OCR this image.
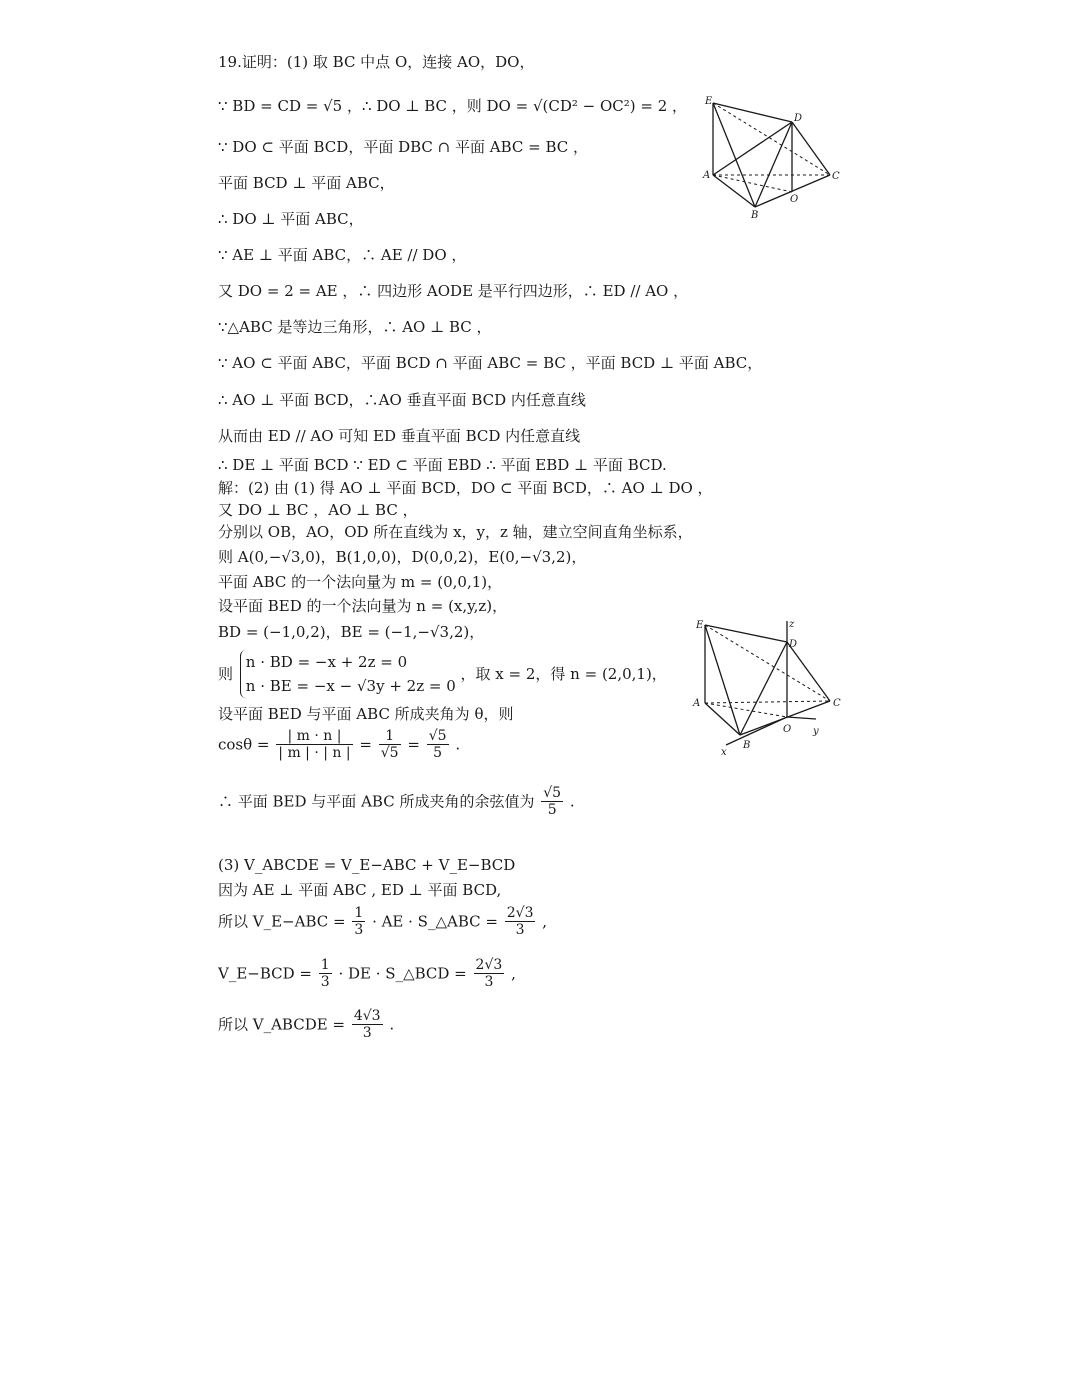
19.证明：(1) 取 BC 中点 O，连接 AO，DO，
∵ BD = CD = √5 ，∴ DO ⊥ BC ，则 DO = √(CD² − OC²) = 2 ，
∵ DO ⊂ 平面 BCD，平面 DBC ∩ 平面 ABC = BC ，
平面 BCD ⊥ 平面 ABC，
∴ DO ⊥ 平面 ABC，
∵ AE ⊥ 平面 ABC，∴ AE // DO ，
又 DO = 2 = AE ，∴ 四边形 AODE 是平行四边形，∴ ED // AO ，
∵△ABC 是等边三角形，∴ AO ⊥ BC ，
∵ AO ⊂ 平面 ABC，平面 BCD ∩ 平面 ABC = BC ，平面 BCD ⊥ 平面 ABC，
∴ AO ⊥ 平面 BCD，∴AO 垂直平面 BCD 内任意直线
从而由 ED // AO 可知 ED 垂直平面 BCD 内任意直线
∴ DE ⊥ 平面 BCD ∵ ED ⊂ 平面 EBD ∴ 平面 EBD ⊥ 平面 BCD.
E
D
A	C
O
B
解：(2) 由 (1) 得 AO ⊥ 平面 BCD，DO ⊂ 平面 BCD，∴ AO ⊥ DO ，
又 DO ⊥ BC ，AO ⊥ BC ，
分别以 OB，AO，OD 所在直线为 x，y，z 轴，建立空间直角坐标系，
则 A(0,−√3,0)，B(1,0,0)，D(0,0,2)，E(0,−√3,2)，
平面 ABC 的一个法向量为 m = (0,0,1)，
设平面 BED 的一个法向量为 n = (x,y,z)，
BD = (−1,0,2)，BE = (−1,−√3,2)，
则
n · BD = −x + 2z = 0
n · BE = −x − √3y + 2z = 0
，取 x = 2，得 n = (2,0,1)，
设平面 BED 与平面 ABC 所成夹角为 θ，则
$\cos\theta = \frac{| m \cdot n |}{| m | \cdot | n |} = \frac{1}{√5} = \frac{√5}{5}$ .
∴ 平面 BED 与平面 ABC 所成夹角的余弦值为 $\frac{√5}{5}$ .
E	z
D
A	C
O y
B
x
(3) V_ABCDE = V_E−ABC + V_E−BCD
因为 AE ⊥ 平面 ABC , ED ⊥ 平面 BCD,
所以 V_E−ABC = $\frac{1}{3}$ · AE · S_△ABC = $\frac{2√3}{3}$ ,
V_E−BCD = $\frac{1}{3}$ · DE · S_△BCD = $\frac{2√3}{3}$ ,
所以 V_ABCDE = $\frac{4√3}{3}$ .
